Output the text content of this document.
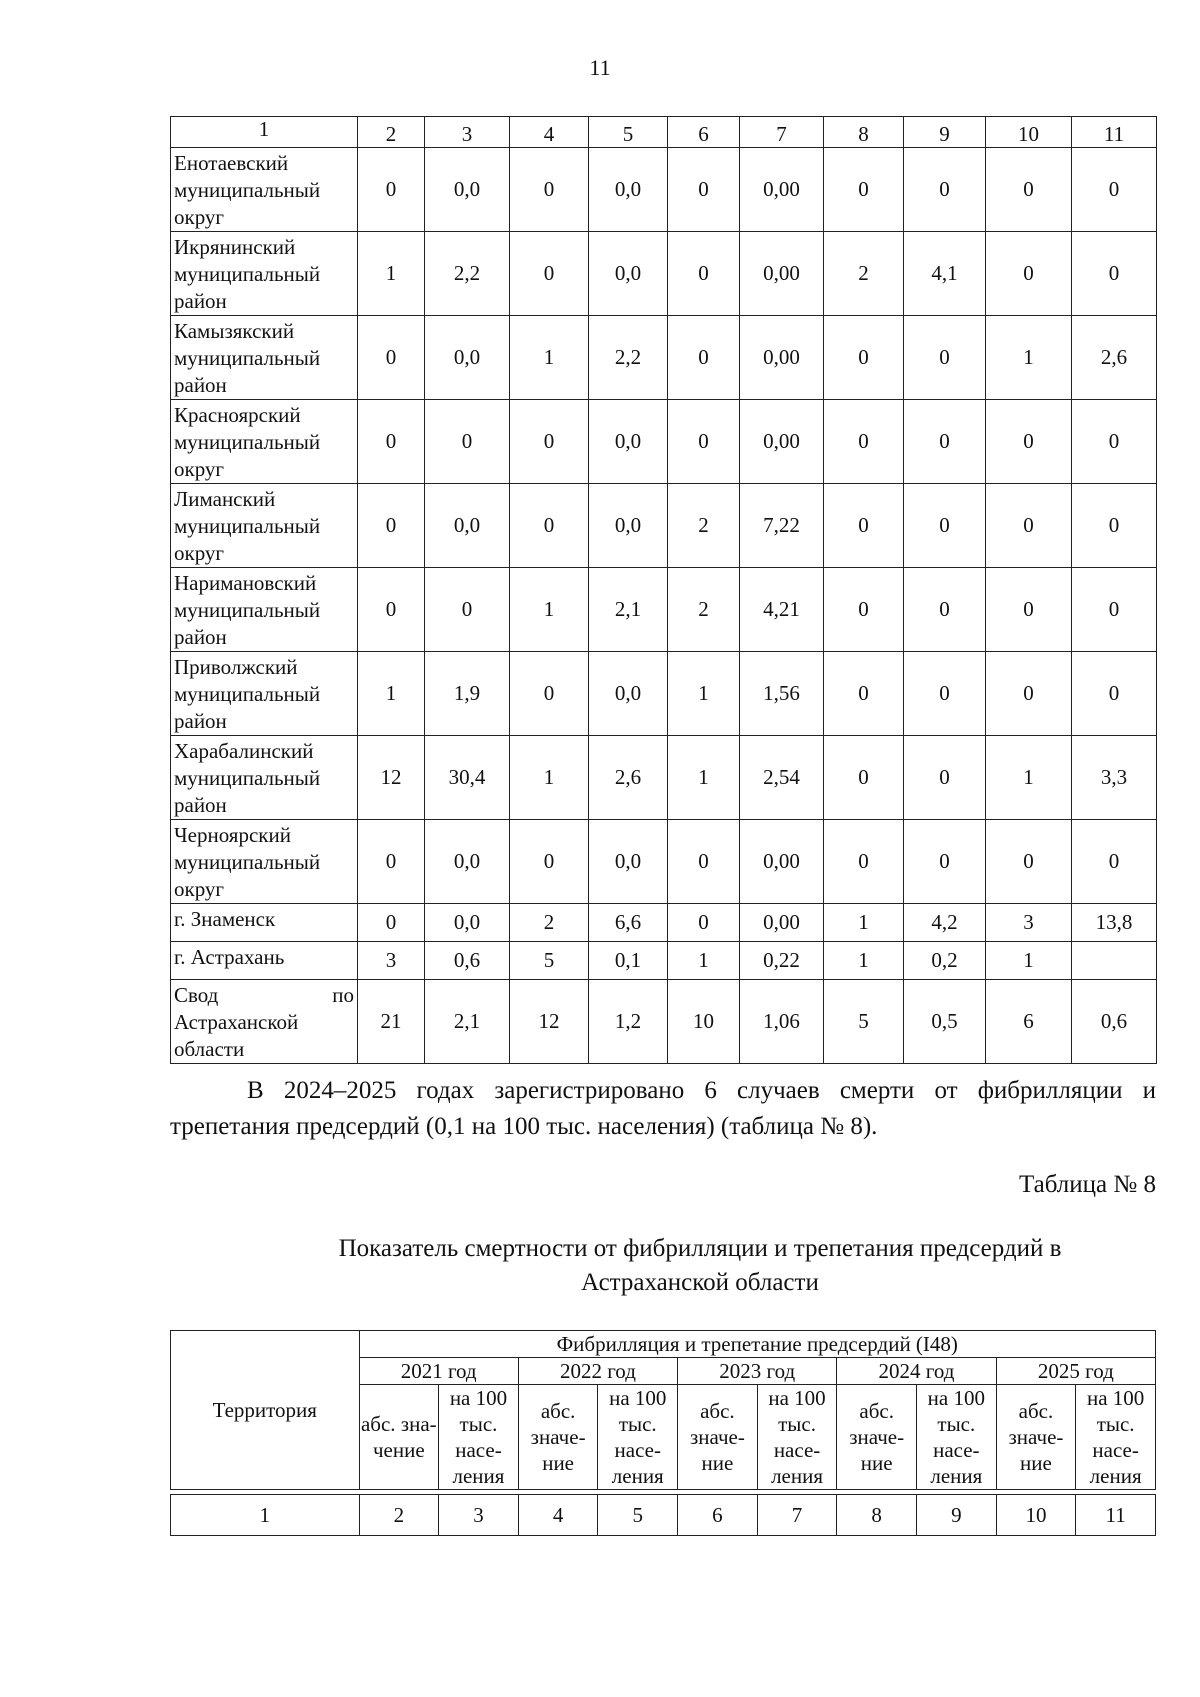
11
1	2	3	4	5	6	7	8	9	10	11
Енотаевский муниципальный округ	0	0,0	0	0,0	0	0,00	0	0	0	0
Икрянинский муниципальный район	1	2,2	0	0,0	0	0,00	2	4,1	0	0
Камызякский муниципальный район	0	0,0	1	2,2	0	0,00	0	0	1	2,6
Красноярский муниципальный округ	0	0	0	0,0	0	0,00	0	0	0	0
Лиманский муниципальный округ	0	0,0	0	0,0	2	7,22	0	0	0	0
Наримановский муниципальный район	0	0	1	2,1	2	4,21	0	0	0	0
Приволжский муниципальный район	1	1,9	0	0,0	1	1,56	0	0	0	0
Харабалинский муниципальный район	12	30,4	1	2,6	1	2,54	0	0	1	3,3
Черноярский муниципальный округ	0	0,0	0	0,0	0	0,00	0	0	0	0
г. Знаменск	0	0,0	2	6,6	0	0,00	1	4,2	3	13,8
г. Астрахань	3	0,6	5	0,1	1	0,22	1	0,2	1	
Свод по Астраханской области	21	2,1	12	1,2	10	1,06	5	0,5	6	0,6
В 2024–2025 годах зарегистрировано 6 случаев смерти от фибрилляции и трепетания предсердий (0,1 на 100 тыс. населения) (таблица № 8).
Таблица № 8
Показатель смертности от фибрилляции и трепетания предсердий в Астраханской области
Территория	Фибрилляция и трепетание предсердий (I48)									
	2021 год		2022 год		2023 год		2024 год		2025 год	
	абс. зна-чение	на 100 тыс. насе-ления	абс. значе-ние	на 100 тыс. насе-ления	абс. значе-ние	на 100 тыс. насе-ления	абс. значе-ние	на 100 тыс. насе-ления	абс. значе-ние	на 100 тыс. насе-ления

1	2	3	4	5	6	7	8	9	10	11
